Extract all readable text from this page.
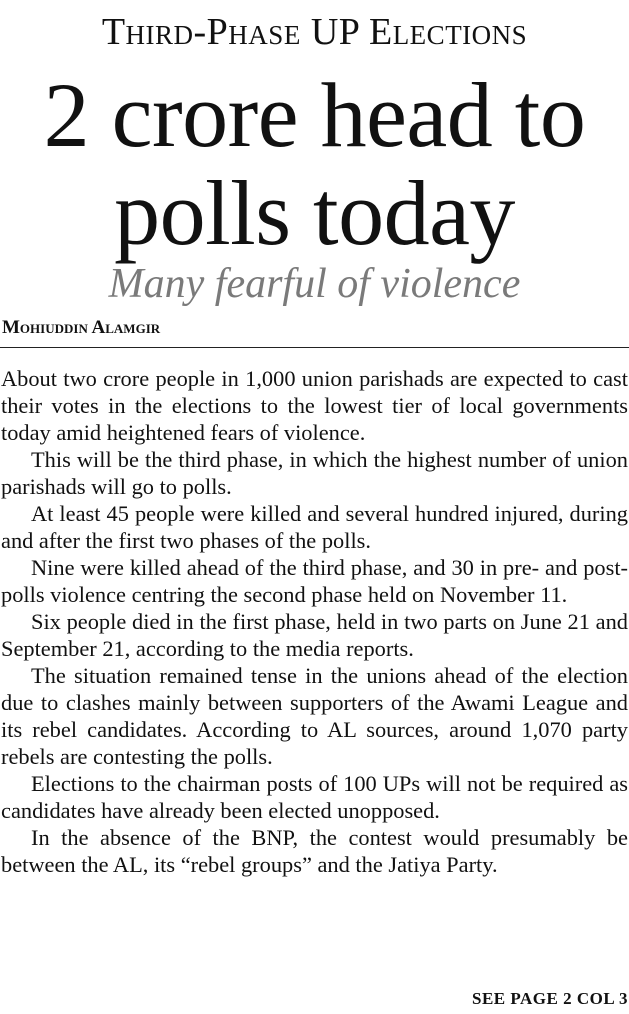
Third-Phase UP Elections
2 crore head to
polls today
Many fearful of violence
Mohiuddin Alamgir

About two crore people in 1,000 union parishads are expected to cast their votes in the elections to the lowest tier of local governments today amid heightened fears of violence.

This will be the third phase, in which the highest number of union parishads will go to polls.

At least 45 people were killed and several hundred injured, during and after the first two phases of the polls.

Nine were killed ahead of the third phase, and 30 in pre- and post-polls violence centring the second phase held on November 11.

Six people died in the first phase, held in two parts on June 21 and September 21, according to the media reports.

The situation remained tense in the unions ahead of the election due to clashes mainly between supporters of the Awami League and its rebel candidates. According to AL sources, around 1,070 party rebels are contesting the polls.

Elections to the chairman posts of 100 UPs will not be required as candidates have already been elected unopposed.

In the absence of the BNP, the contest would presumably be between the AL, its “rebel groups” and the Jatiya Party.

SEE PAGE 2 COL 3
